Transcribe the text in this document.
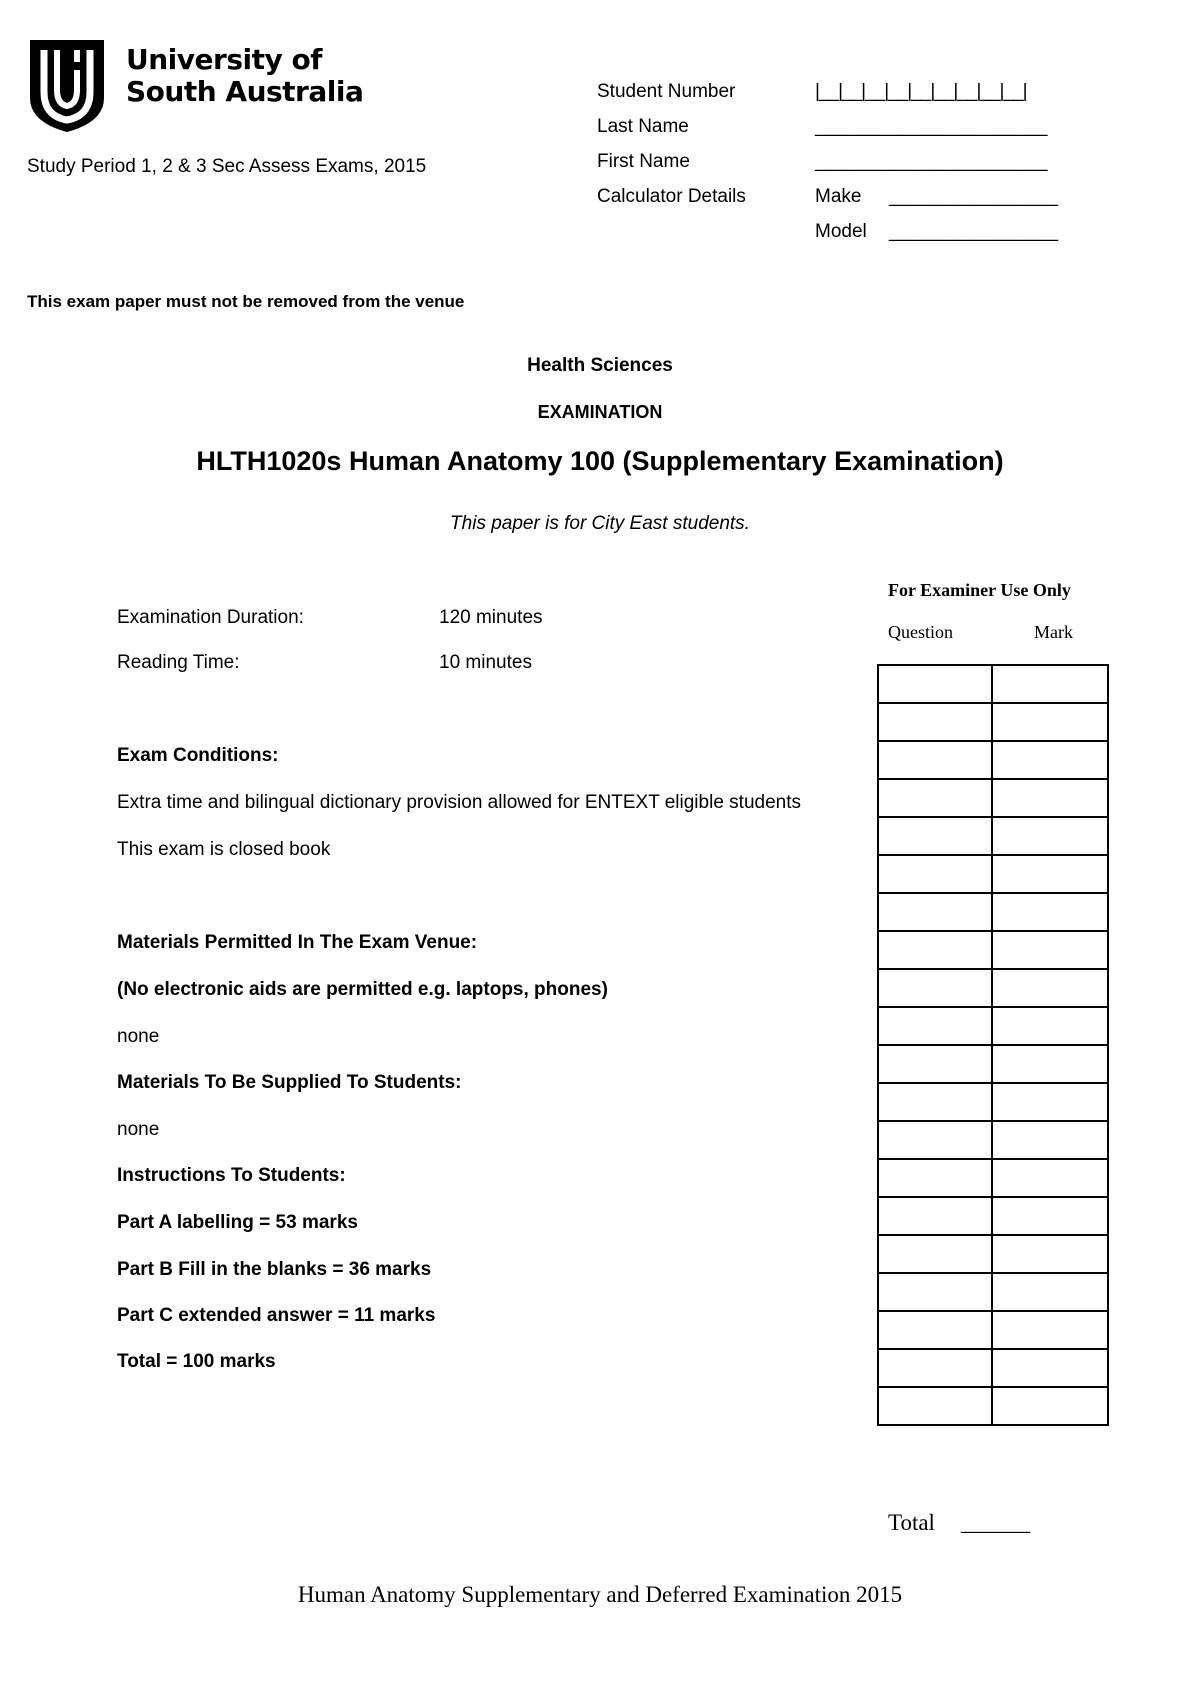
University of
South Australia
Study Period 1, 2 & 3 Sec Assess Exams, 2015
Student Number	|__|__|__|__|__|__|__|__|__|
Last Name	______________________
First Name	______________________
Calculator Details	Make ________________
Model ________________
This exam paper must not be removed from the venue
Health Sciences
EXAMINATION
HLTH1020s Human Anatomy 100 (Supplementary Examination)
This paper is for City East students.
Examination Duration:	120 minutes
Reading Time:	10 minutes
Exam Conditions:
Extra time and bilingual dictionary provision allowed for ENTEXT eligible students
This exam is closed book
Materials Permitted In The Exam Venue:
(No electronic aids are permitted e.g. laptops, phones)
none
Materials To Be Supplied To Students:
none
Instructions To Students:
Part A labelling = 53 marks
Part B Fill in the blanks = 36 marks
Part C extended answer = 11 marks
Total = 100 marks
For Examiner Use Only
Question	Mark

Total ______
Human Anatomy Supplementary and Deferred Examination 2015
